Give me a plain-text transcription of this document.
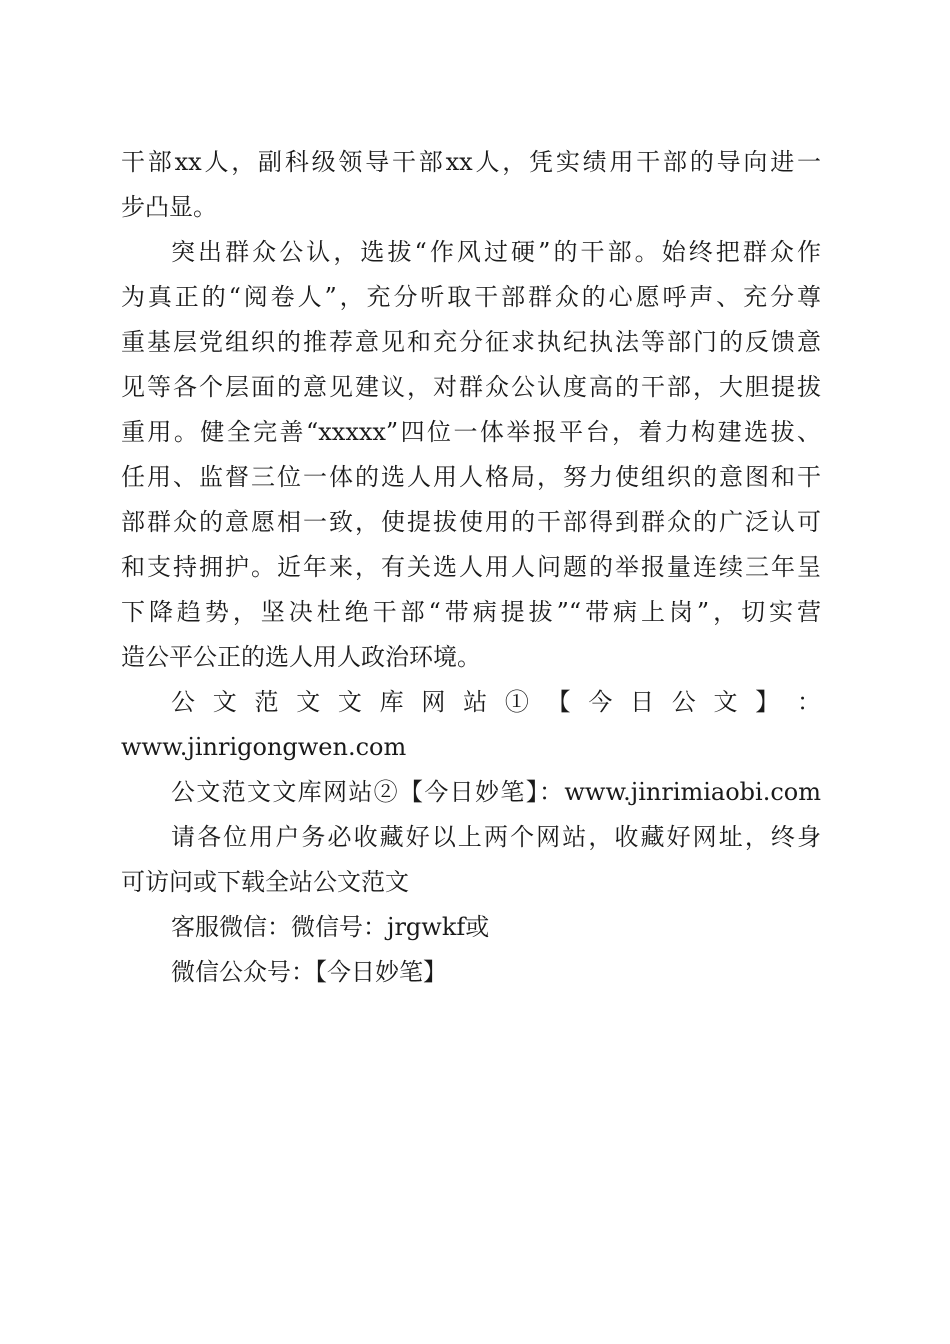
干部xx人，副科级领导干部xx人，凭实绩用干部的导向进一
步凸显。
突出群众公认，选拔“作风过硬”的干部。始终把群众作
为真正的“阅卷人”，充分听取干部群众的心愿呼声、充分尊
重基层党组织的推荐意见和充分征求执纪执法等部门的反馈意
见等各个层面的意见建议，对群众公认度高的干部，大胆提拔
重用。健全完善“xxxxx”四位一体举报平台，着力构建选拔、
任用、监督三位一体的选人用人格局，努力使组织的意图和干
部群众的意愿相一致，使提拔使用的干部得到群众的广泛认可
和支持拥护。近年来，有关选人用人问题的举报量连续三年呈
下降趋势，坚决杜绝干部“带病提拔”“带病上岗”，切实营
造公平公正的选人用人政治环境。
公 文 范 文 文 库 网 站 ① 【 今 日 公 文 】 ：
www.jinrigongwen.com
公文范文文库网站②【今日妙笔】：www.jinrimiaobi.com
请各位用户务必收藏好以上两个网站，收藏好网址，终身
可访问或下载全站公文范文
客服微信：微信号：jrgwkf或
微信公众号：【今日妙笔】
